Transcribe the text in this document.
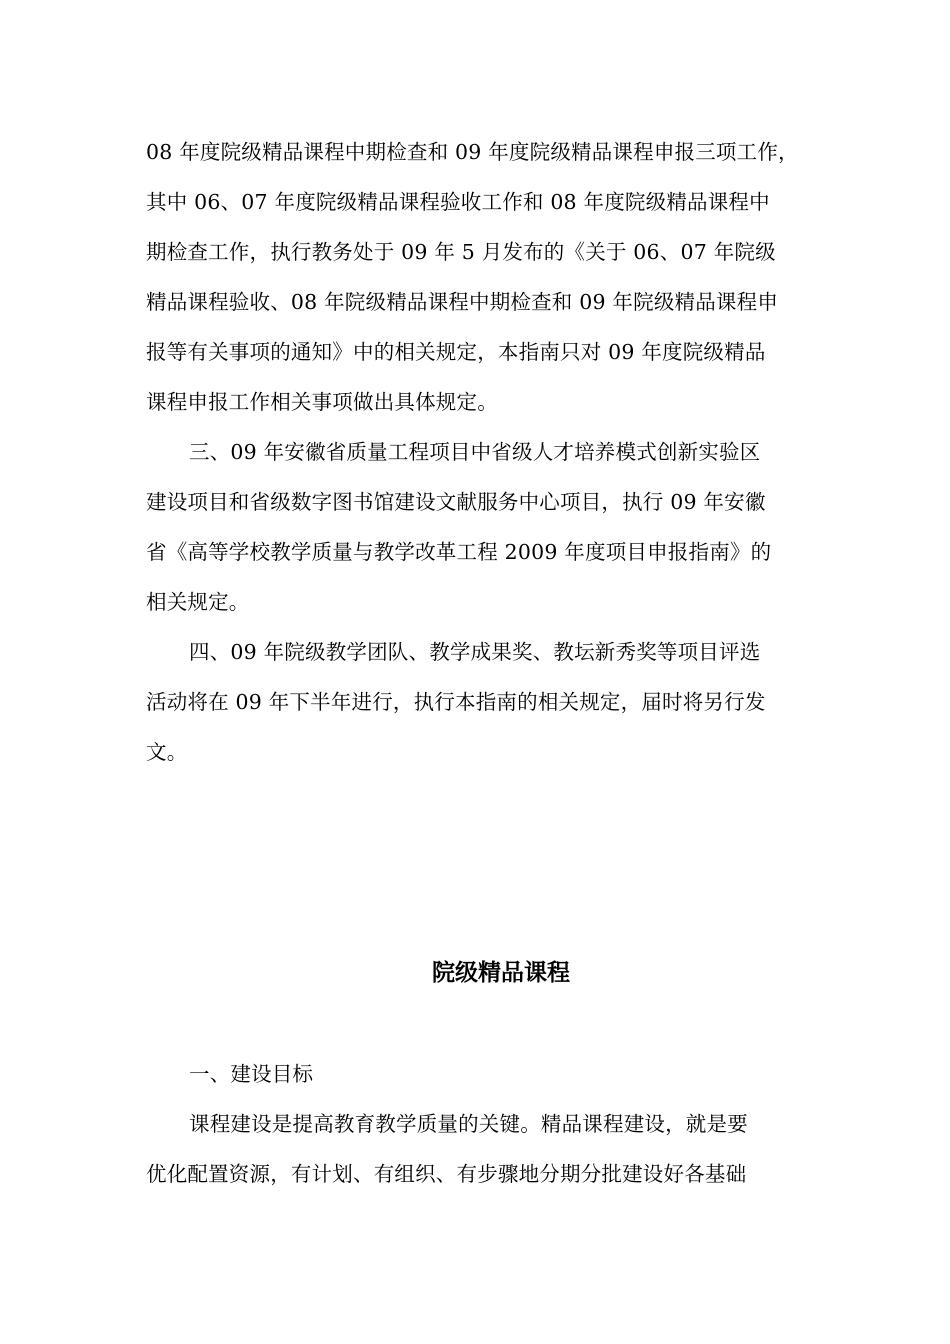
08 年度院级精品课程中期检查和 09 年度院级精品课程申报三项工作，
其中 06、07 年度院级精品课程验收工作和 08 年度院级精品课程中
期检查工作，执行教务处于 09 年 5 月发布的《关于 06、07 年院级
精品课程验收、08 年院级精品课程中期检查和 09 年院级精品课程申
报等有关事项的通知》中的相关规定，本指南只对 09 年度院级精品
课程申报工作相关事项做出具体规定。
三、09 年安徽省质量工程项目中省级人才培养模式创新实验区
建设项目和省级数字图书馆建设文献服务中心项目，执行 09 年安徽
省《高等学校教学质量与教学改革工程 2009 年度项目申报指南》的
相关规定。
四、09 年院级教学团队、教学成果奖、教坛新秀奖等项目评选
活动将在 09 年下半年进行，执行本指南的相关规定，届时将另行发
文。
院级精品课程
一、建设目标
课程建设是提高教育教学质量的关键。精品课程建设，就是要
优化配置资源，有计划、有组织、有步骤地分期分批建设好各基础
